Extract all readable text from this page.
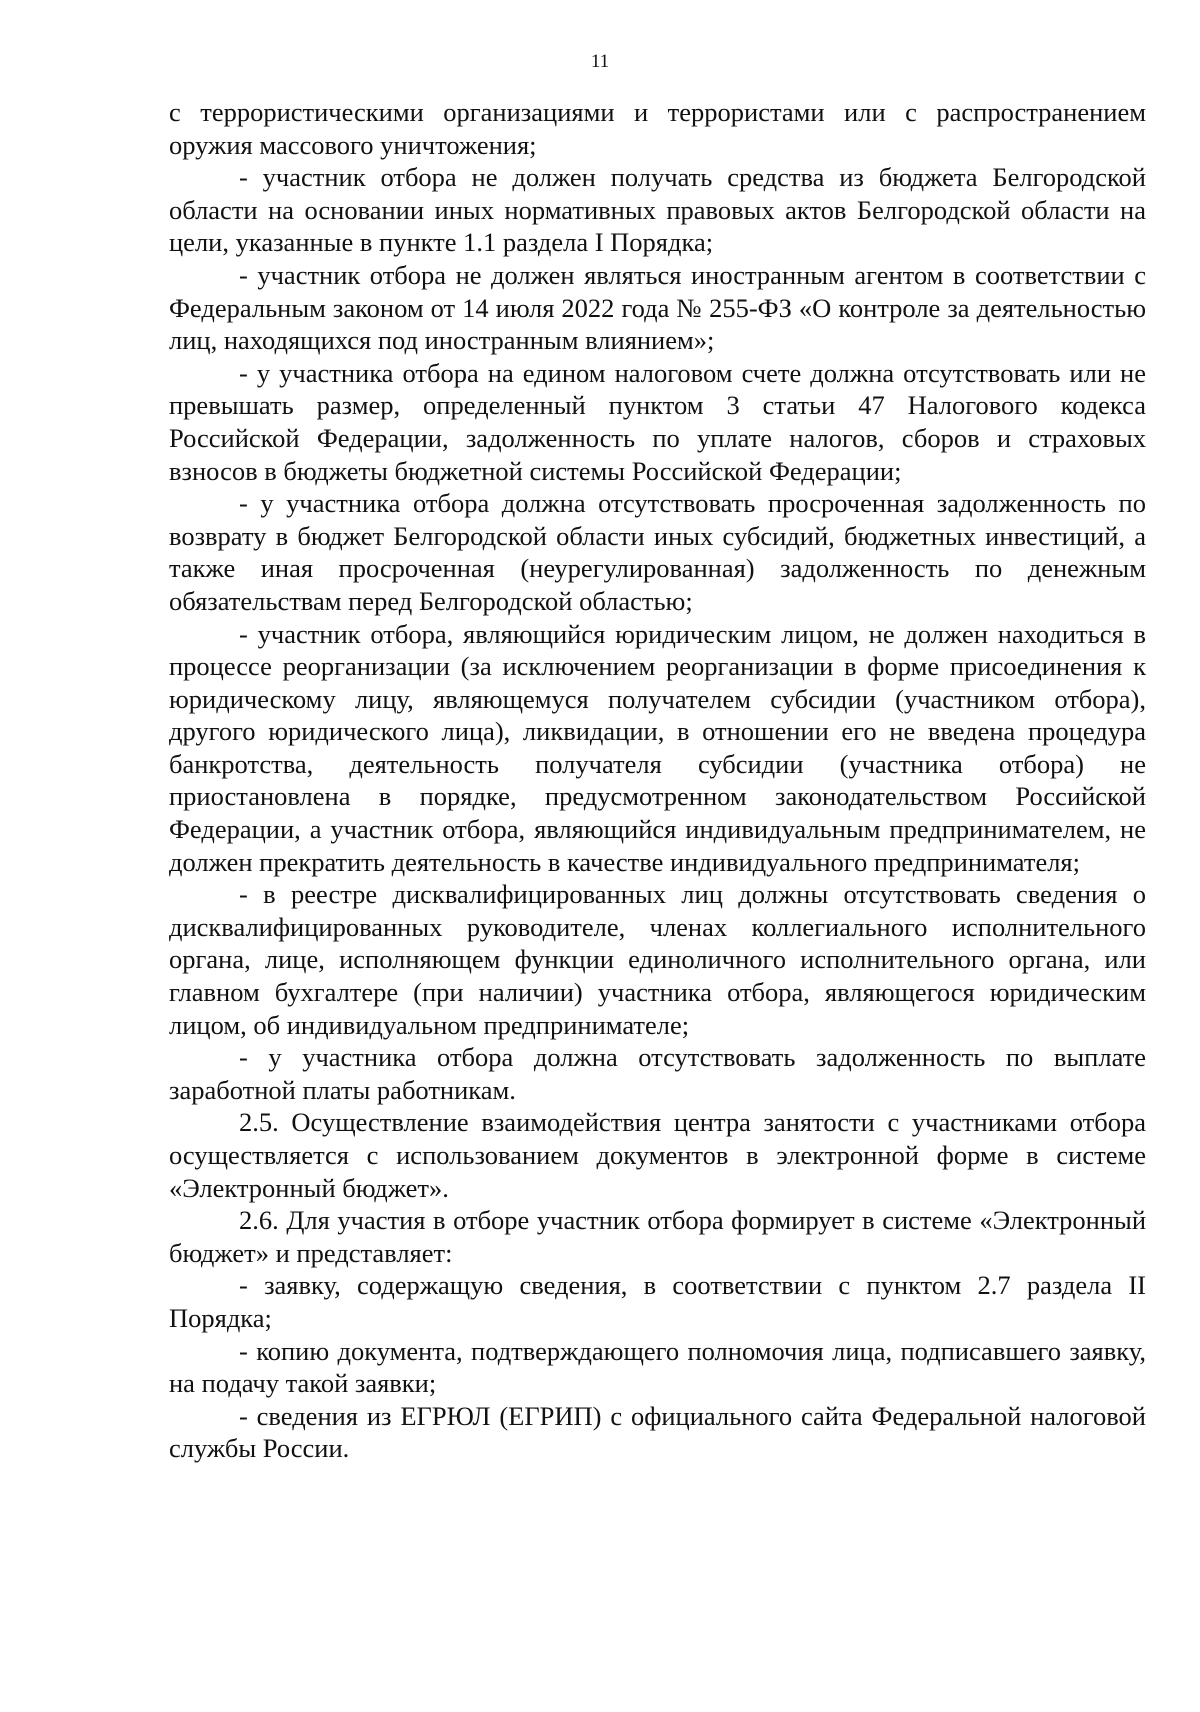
11

с террористическими организациями и террористами или с распространением оружия массового уничтожения;

- участник отбора не должен получать средства из бюджета Белгородской области на основании иных нормативных правовых актов Белгородской области на цели, указанные в пункте 1.1 раздела I Порядка;

- участник отбора не должен являться иностранным агентом в соответствии с Федеральным законом от 14 июля 2022 года № 255-ФЗ «О контроле за деятельностью лиц, находящихся под иностранным влиянием»;

- у участника отбора на едином налоговом счете должна отсутствовать или не превышать размер, определенный пунктом 3 статьи 47 Налогового кодекса Российской Федерации, задолженность по уплате налогов, сборов и страховых взносов в бюджеты бюджетной системы Российской Федерации;

- у участника отбора должна отсутствовать просроченная задолженность по возврату в бюджет Белгородской области иных субсидий, бюджетных инвестиций, а также иная просроченная (неурегулированная) задолженность по денежным обязательствам перед Белгородской областью;

- участник отбора, являющийся юридическим лицом, не должен находиться в процессе реорганизации (за исключением реорганизации в форме присоединения к юридическому лицу, являющемуся получателем субсидии (участником отбора), другого юридического лица), ликвидации, в отношении его не введена процедура банкротства, деятельность получателя субсидии (участника отбора) не приостановлена в порядке, предусмотренном законодательством Российской Федерации, а участник отбора, являющийся индивидуальным предпринимателем, не должен прекратить деятельность в качестве индивидуального предпринимателя;

- в реестре дисквалифицированных лиц должны отсутствовать сведения о дисквалифицированных руководителе, членах коллегиального исполнительного органа, лице, исполняющем функции единоличного исполнительного органа, или главном бухгалтере (при наличии) участника отбора, являющегося юридическим лицом, об индивидуальном предпринимателе;

- у участника отбора должна отсутствовать задолженность по выплате заработной платы работникам.

2.5. Осуществление взаимодействия центра занятости с участниками отбора осуществляется с использованием документов в электронной форме в системе «Электронный бюджет».

2.6. Для участия в отборе участник отбора формирует в системе «Электронный бюджет» и представляет:

- заявку, содержащую сведения, в соответствии с пунктом 2.7 раздела II Порядка;

- копию документа, подтверждающего полномочия лица, подписавшего заявку, на подачу такой заявки;

- сведения из ЕГРЮЛ (ЕГРИП) с официального сайта Федеральной налоговой службы России.
